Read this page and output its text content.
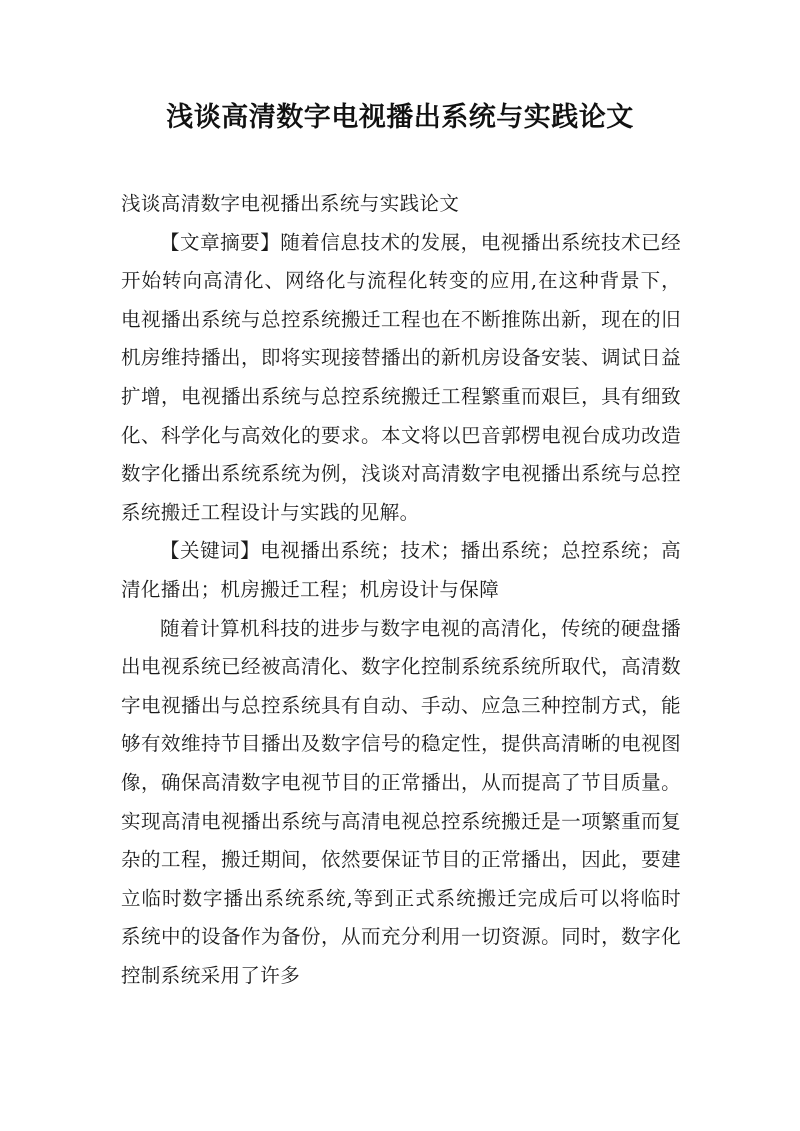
浅谈高清数字电视播出系统与实践论文

浅谈高清数字电视播出系统与实践论文

【文章摘要】随着信息技术的发展，电视播出系统技术已经开始转向高清化、网络化与流程化转变的应用,在这种背景下，电视播出系统与总控系统搬迁工程也在不断推陈出新，现在的旧机房维持播出，即将实现接替播出的新机房设备安装、调试日益扩增，电视播出系统与总控系统搬迁工程繁重而艰巨，具有细致化、科学化与高效化的要求。本文将以巴音郭楞电视台成功改造数字化播出系统系统为例，浅谈对高清数字电视播出系统与总控系统搬迁工程设计与实践的见解。

【关键词】电视播出系统；技术；播出系统；总控系统；高清化播出；机房搬迁工程；机房设计与保障

随着计算机科技的进步与数字电视的高清化，传统的硬盘播出电视系统已经被高清化、数字化控制系统系统所取代，高清数字电视播出与总控系统具有自动、手动、应急三种控制方式，能够有效维持节目播出及数字信号的稳定性，提供高清晰的电视图像，确保高清数字电视节目的正常播出，从而提高了节目质量。实现高清电视播出系统与高清电视总控系统搬迁是一项繁重而复杂的工程，搬迁期间，依然要保证节目的正常播出，因此，要建立临时数字播出系统系统,等到正式系统搬迁完成后可以将临时系统中的设备作为备份，从而充分利用一切资源。同时，数字化控制系统采用了许多
